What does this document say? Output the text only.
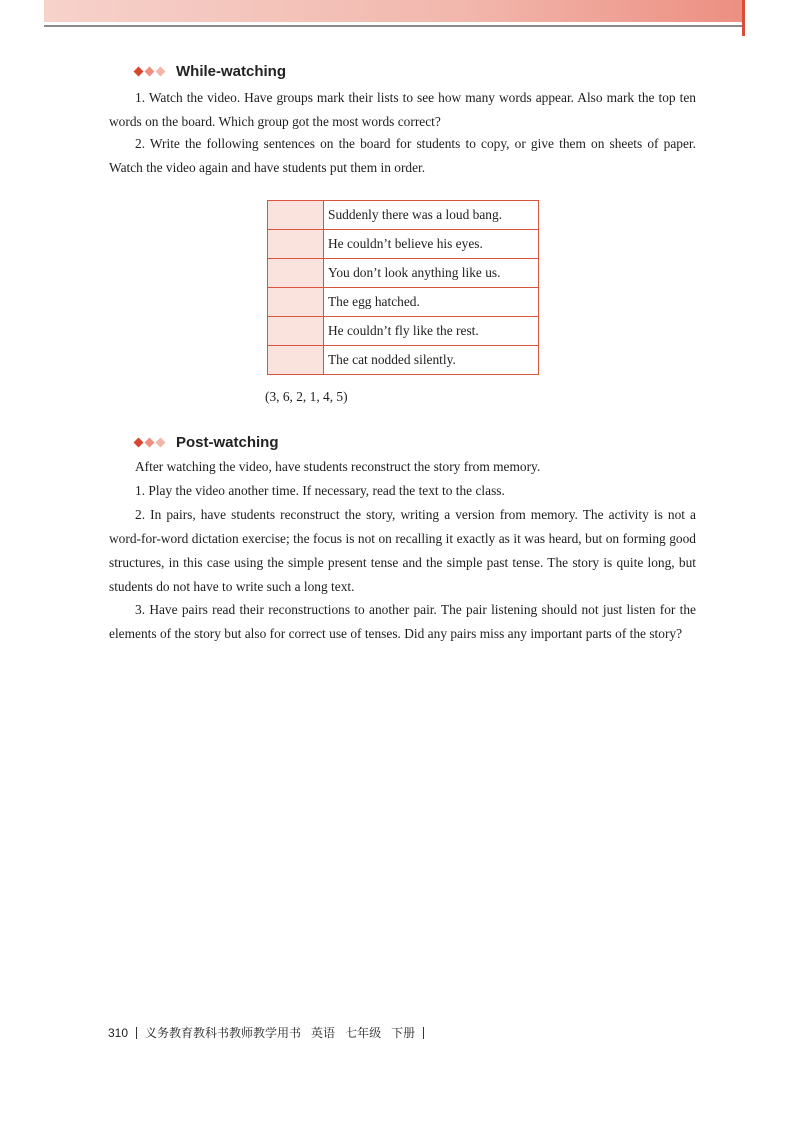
While-watching

1. Watch the video. Have groups mark their lists to see how many words appear. Also mark the top ten words on the board. Which group got the most words correct?

2. Write the following sentences on the board for students to copy, or give them on sheets of paper. Watch the video again and have students put them in order.

	Suddenly there was a loud bang.
	He couldn’t believe his eyes.
	You don’t look anything like us.
	The egg hatched.
	He couldn’t fly like the rest.
	The cat nodded silently.
(3, 6, 2, 1, 4, 5)
Post-watching

After watching the video, have students reconstruct the story from memory.

1. Play the video another time. If necessary, read the text to the class.

2. In pairs, have students reconstruct the story, writing a version from memory. The activity is not a word-for-word dictation exercise; the focus is not on recalling it exactly as it was heard, but on forming good structures, in this case using the simple present tense and the simple past tense. The story is quite long, but students do not have to write such a long text.

3. Have pairs read their reconstructions to another pair. The pair listening should not just listen for the elements of the story but also for correct use of tenses. Did any pairs miss any important parts of the story?

310 义务教育教科书教师教学用书 英语 七年级 下册
